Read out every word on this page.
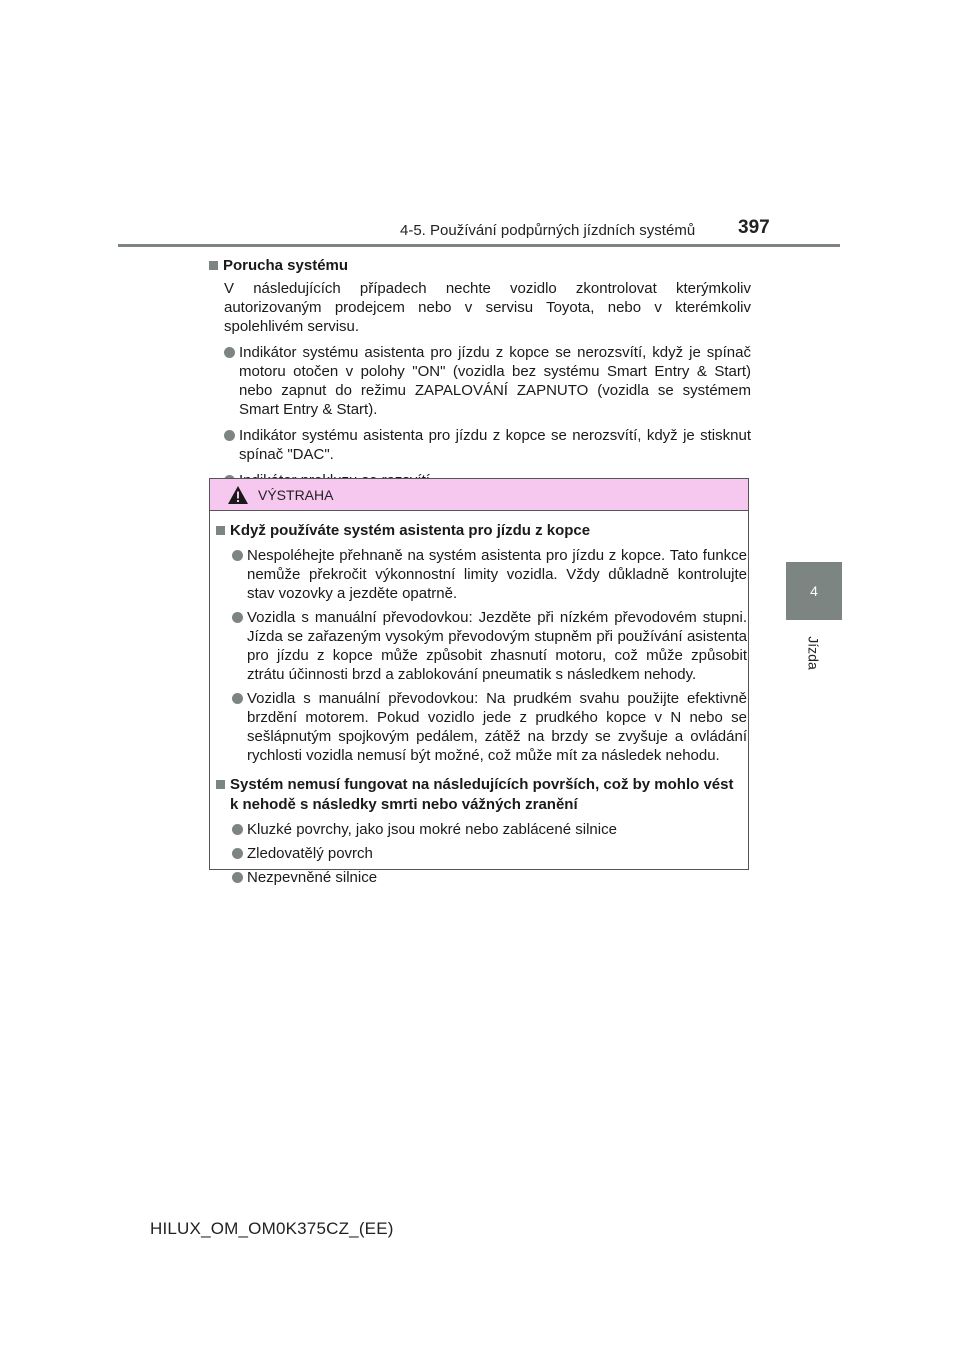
4-5. Používání podpůrných jízdních systémů 397
4
Jízda
Porucha systému
V následujících případech nechte vozidlo zkontrolovat kterýmkoliv autorizovaným prodejcem nebo v servisu Toyota, nebo v kterémkoliv spolehlivém servisu.
Indikátor systému asistenta pro jízdu z kopce se nerozsvítí, když je spínač motoru otočen v polohy "ON" (vozidla bez systému Smart Entry & Start) nebo zapnut do režimu ZAPALOVÁNÍ ZAPNUTO (vozidla se systémem Smart Entry & Start).
Indikátor systému asistenta pro jízdu z kopce se nerozsvítí, když je stisknut spínač "DAC".
VÝSTRAHA
Když používáte systém asistenta pro jízdu z kopce
Nespoléhejte přehnaně na systém asistenta pro jízdu z kopce. Tato funkce nemůže překročit výkonnostní limity vozidla. Vždy důkladně kontrolujte stav vozovky a jezděte opatrně.
Vozidla s manuální převodovkou: Jezděte při nízkém převodovém stupni. Jízda se zařazeným vysokým převodovým stupněm při používání asistenta pro jízdu z kopce může způsobit zhasnutí motoru, což může způsobit ztrátu účinnosti brzd a zablokování pneumatik s následkem nehody.
Vozidla s manuální převodovkou: Na prudkém svahu použijte efektivně brzdění motorem. Pokud vozidlo jede z prudkého kopce v N nebo se sešlápnutým spojkovým pedálem, zátěž na brzdy se zvyšuje a ovládání rychlosti vozidla nemusí být možné, což může mít za následek nehodu.
Systém nemusí fungovat na následujících površích, což by mohlo vést k nehodě s následky smrti nebo vážných zranění
Kluzké povrchy, jako jsou mokré nebo zablácené silnice
Zledovatělý povrch
Nezpevněné silnice
HILUX_OM_OM0K375CZ_(EE)
